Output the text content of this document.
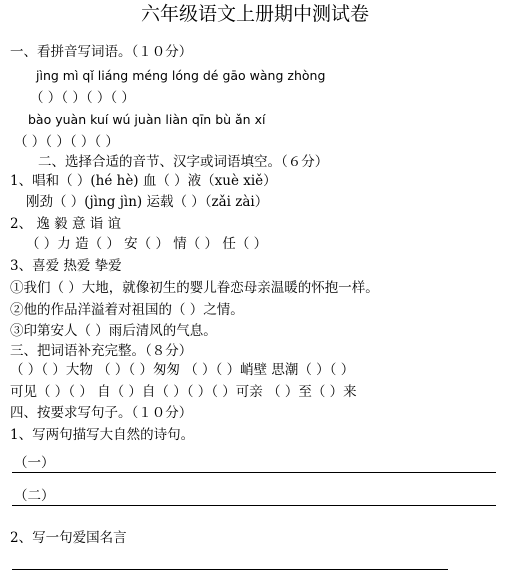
六年级语文上册期中测试卷
一、看拼音写词语。（１０分）
jìng mì qǐ liáng méng lóng dé gāo wàng zhòng
（ ）（ ）（ ）（ ）
bào yuàn kuí wú juàn liàn qīn bù ǎn xí
（ ）（ ）（ ）（ ）
二、选择合适的音节、汉字或词语填空。（６分）
1、唱和（ ）(hé hè) 血（ ）液（xuè xiě）
刚劲（ ）(jìng jìn) 运载（ ）（zǎi zài）
2、 逸 毅 意 诣 谊
（ ）力 造（ ） 安（ ） 情（ ） 任（ ）
3、喜爱 热爱 挚爱
①我们（ ）大地，就像初生的婴儿眷恋母亲温暖的怀抱一样。
②他的作品洋溢着对祖国的（ ）之情。
③印第安人（ ）雨后清风的气息。
三、把词语补充完整。（８分）
（ ）（ ）大物 （ ）（ ）匆匆 （ ）（ ）峭壁 思潮（ ）（ ）
可见（ ）（ ） 自（ ）自（ ）（ ）（ ）可亲 （ ）至（ ）来
四、按要求写句子。（１０分）
1、写两句描写大自然的诗句。
（一）
（二）
2、写一句爱国名言
